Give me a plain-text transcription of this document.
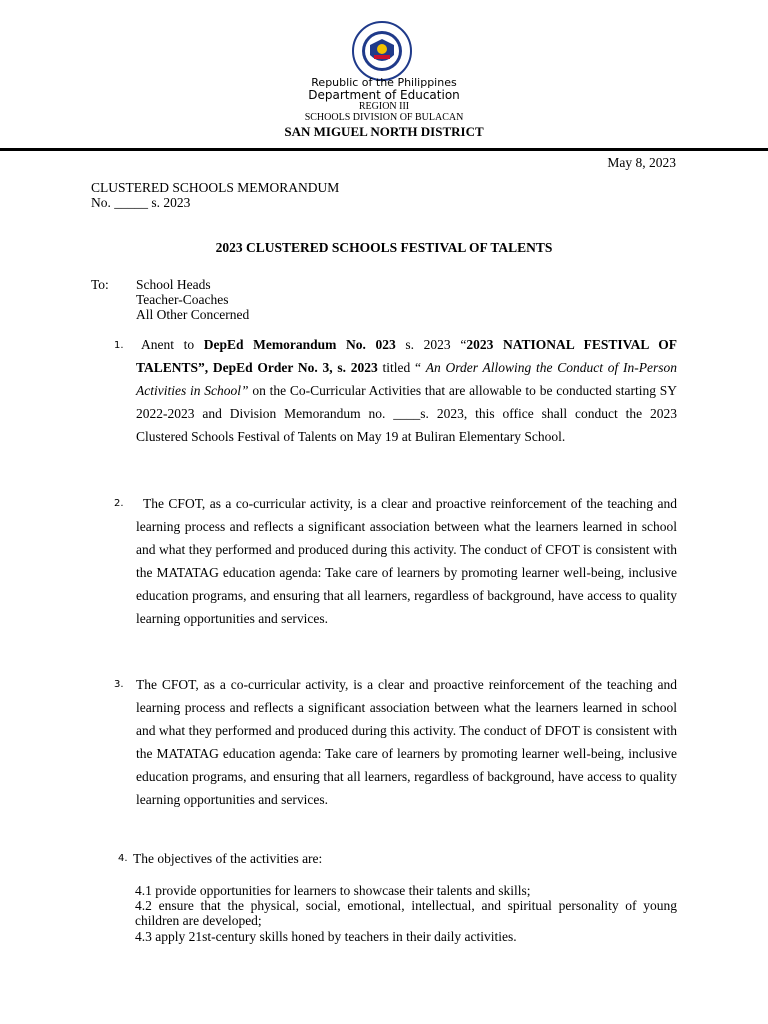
Republic of the Philippines
Department of Education
REGION III
SCHOOLS DIVISION OF BULACAN
SAN MIGUEL NORTH DISTRICT
May 8, 2023
CLUSTERED SCHOOLS MEMORANDUM
No. _____ s. 2023
2023 CLUSTERED SCHOOLS FESTIVAL OF TALENTS
To: School Heads
Teacher-Coaches
All Other Concerned
1.	Anent to DepEd Memorandum No. 023 s. 2023 “2023 NATIONAL FESTIVAL OF TALENTS”, DepEd Order No. 3, s. 2023 titled “ An Order Allowing the Conduct of In-Person Activities in School” on the Co-Curricular Activities that are allowable to be conducted starting SY 2022-2023 and Division Memorandum no. ____s. 2023, this office shall conduct the 2023 Clustered Schools Festival of Talents on May 19 at Buliran Elementary School.
2.	The CFOT, as a co-curricular activity, is a clear and proactive reinforcement of the teaching and learning process and reflects a significant association between what the learners learned in school and what they performed and produced during this activity. The conduct of CFOT is consistent with the MATATAG education agenda: Take care of learners by promoting learner well-being, inclusive education programs, and ensuring that all learners, regardless of background, have access to quality learning opportunities and services.
3. The CFOT, as a co-curricular activity, is a clear and proactive reinforcement of the teaching and learning process and reflects a significant association between what the learners learned in school and what they performed and produced during this activity. The conduct of DFOT is consistent with the MATATAG education agenda: Take care of learners by promoting learner well-being, inclusive education programs, and ensuring that all learners, regardless of background, have access to quality learning opportunities and services.
4. The objectives of the activities are:
4.1 provide opportunities for learners to showcase their talents and skills;
4.2 ensure that the physical, social, emotional, intellectual, and spiritual personality of young children are developed;
4.3 apply 21st-century skills honed by teachers in their daily activities.
